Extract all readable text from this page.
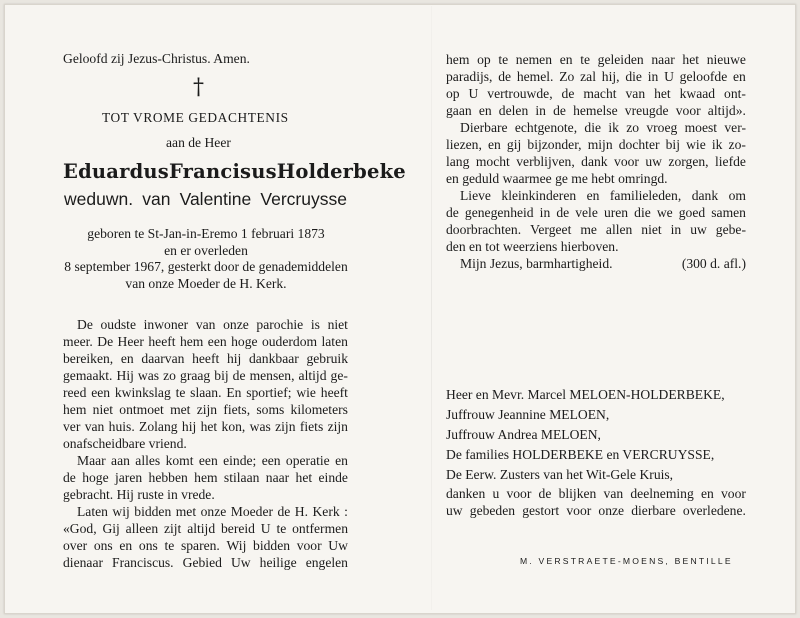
Geloofd zij Jezus-Christus. Amen.
†
TOT VROME GEDACHTENIS
aan de Heer
Eduardus Francisus Holderbeke
weduwn. van Valentine Vercruysse
geboren te St-Jan-in-Eremo 1 februari 1873
en er overleden
8 september 1967, gesterkt door de genademiddelen
van onze Moeder de H. Kerk.
De oudste inwoner van onze parochie is niet
meer. De Heer heeft hem een hoge ouderdom laten
bereiken, en daarvan heeft hij dankbaar gebruik
gemaakt. Hij was zo graag bij de mensen, altijd ge-
reed een kwinkslag te slaan. En sportief; wie heeft
hem niet ontmoet met zijn fiets, soms kilometers
ver van huis. Zolang hij het kon, was zijn fiets zijn
onafscheidbare vriend.
Maar aan alles komt een einde; een operatie en
de hoge jaren hebben hem stilaan naar het einde
gebracht. Hij ruste in vrede.
Laten wij bidden met onze Moeder de H. Kerk :
«God, Gij alleen zijt altijd bereid U te ontfermen
over ons en ons te sparen. Wij bidden voor Uw
dienaar Franciscus. Gebied Uw heilige engelen
hem op te nemen en te geleiden naar het nieuwe
paradijs, de hemel. Zo zal hij, die in U geloofde en
op U vertrouwde, de macht van het kwaad ont-
gaan en delen in de hemelse vreugde voor altijd».
Dierbare echtgenote, die ik zo vroeg moest ver-
liezen, en gij bijzonder, mijn dochter bij wie ik zo-
lang mocht verblijven, dank voor uw zorgen, liefde
en geduld waarmee ge me hebt omringd.
Lieve kleinkinderen en familieleden, dank om
de genegenheid in de vele uren die we goed samen
doorbrachten. Vergeet me allen niet in uw gebe-
den en tot weerziens hierboven.
Mijn Jezus, barmhartigheid.	(300 d. afl.)
Heer en Mevr. Marcel MELOEN-HOLDERBEKE,
Juffrouw Jeannine MELOEN,
Juffrouw Andrea MELOEN,
De families HOLDERBEKE en VERCRUYSSE,
De Eerw. Zusters van het Wit-Gele Kruis,
danken u voor de blijken van deelneming en voor
uw gebeden gestort voor onze dierbare overledene.
M. VERSTRAETE-MOENS, BENTILLE
